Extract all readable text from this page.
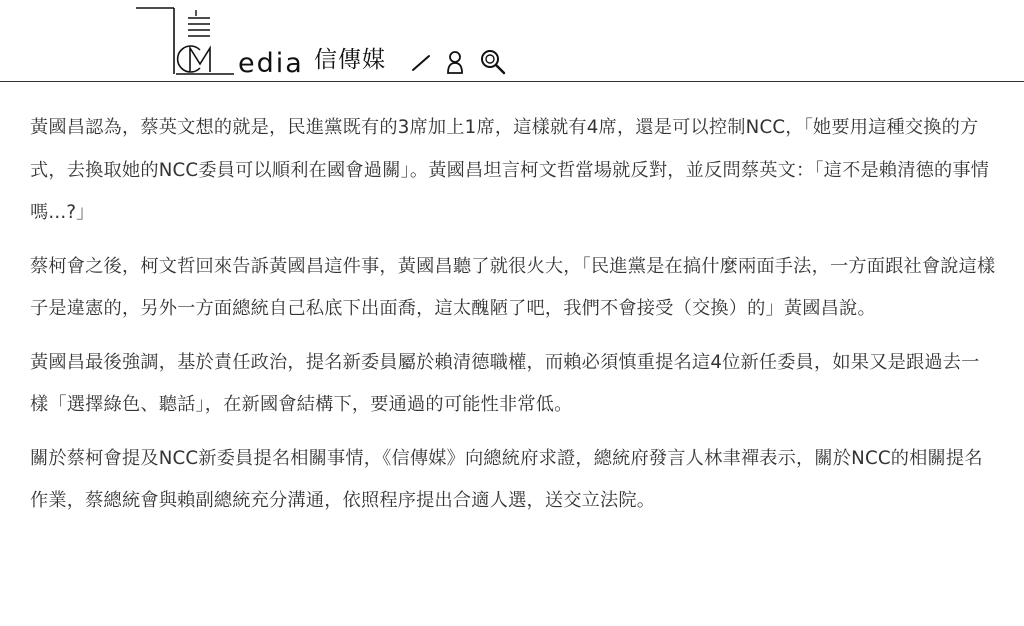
edia 信傳媒

黃國昌認為，蔡英文想的就是，民進黨既有的3席加上1席，這樣就有4席，還是可以控制NCC，「她要用這種交換的方式，去換取她的NCC委員可以順利在國會過關」。黃國昌坦言柯文哲當場就反對，並反問蔡英文：「這不是賴清德的事情嗎...?」

蔡柯會之後，柯文哲回來告訴黃國昌這件事，黃國昌聽了就很火大，「民進黨是在搞什麼兩面手法，一方面跟社會說這樣子是違憲的，另外一方面總統自己私底下出面喬，這太醜陋了吧，我們不會接受（交換）的」黃國昌說。

黃國昌最後強調，基於責任政治，提名新委員屬於賴清德職權，而賴必須慎重提名這4位新任委員，如果又是跟過去一樣「選擇綠色、聽話」，在新國會結構下，要通過的可能性非常低。

關於蔡柯會提及NCC新委員提名相關事情，《信傳媒》向總統府求證，總統府發言人林聿禪表示，關於NCC的相關提名作業，蔡總統會與賴副總統充分溝通，依照程序提出合適人選，送交立法院。
